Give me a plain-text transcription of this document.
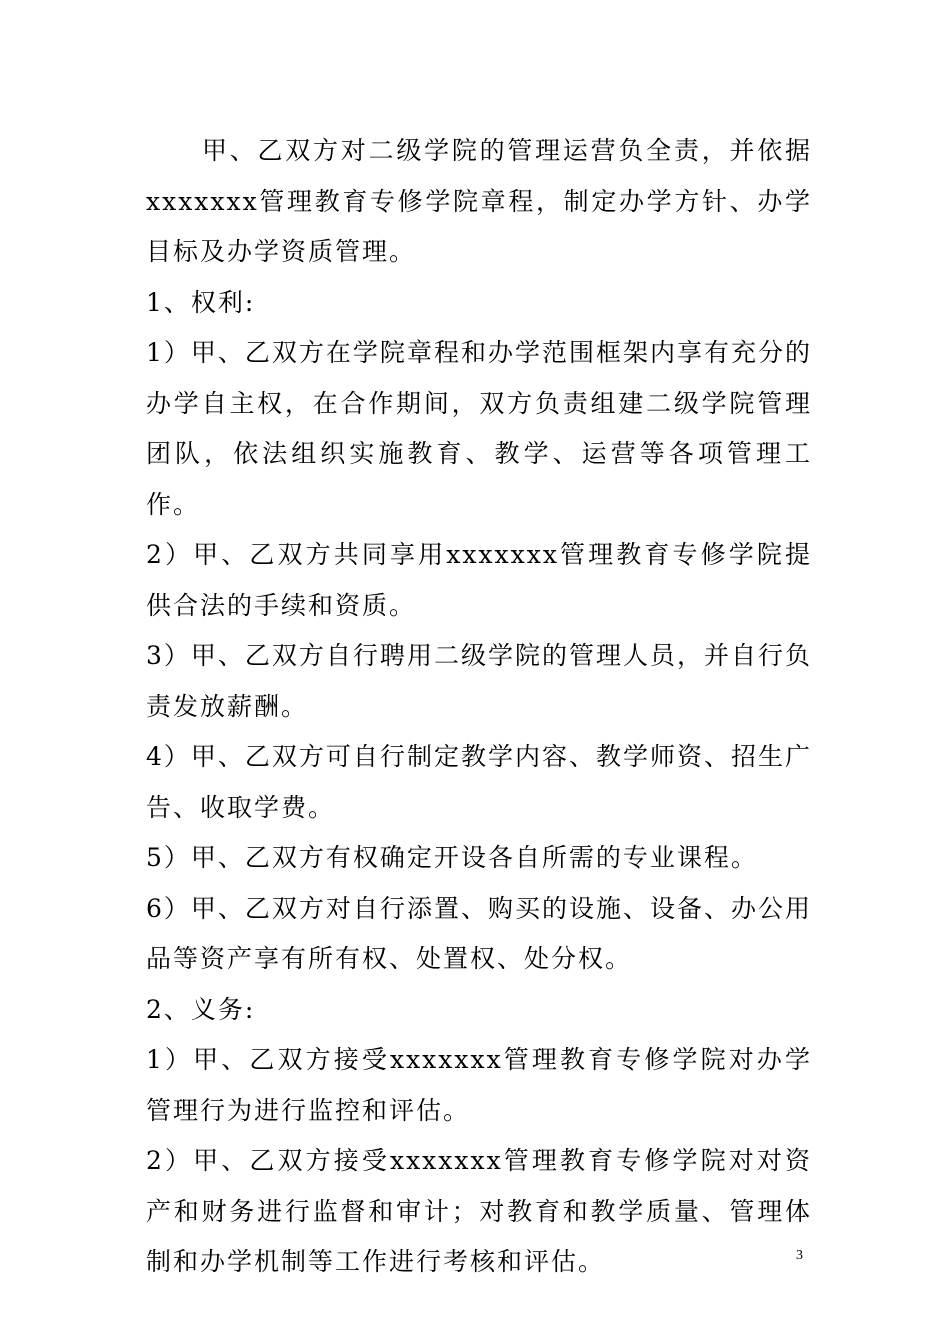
甲、乙双方对二级学院的管理运营负全责，并依据xxxxxxx管理教育专修学院章程，制定办学方针、办学目标及办学资质管理。

1、权利:

1）甲、乙双方在学院章程和办学范围框架内享有充分的办学自主权，在合作期间，双方负责组建二级学院管理团队，依法组织实施教育、教学、运营等各项管理工作。

2）甲、乙双方共同享用xxxxxxx管理教育专修学院提供合法的手续和资质。

3）甲、乙双方自行聘用二级学院的管理人员，并自行负责发放薪酬。

4）甲、乙双方可自行制定教学内容、教学师资、招生广告、收取学费。

5）甲、乙双方有权确定开设各自所需的专业课程。

6）甲、乙双方对自行添置、购买的设施、设备、办公用品等资产享有所有权、处置权、处分权。

2、义务:

1）甲、乙双方接受xxxxxxx管理教育专修学院对办学管理行为进行监控和评估。

2）甲、乙双方接受xxxxxxx管理教育专修学院对对资产和财务进行监督和审计；对教育和教学质量、管理体制和办学机制等工作进行考核和评估。	3
